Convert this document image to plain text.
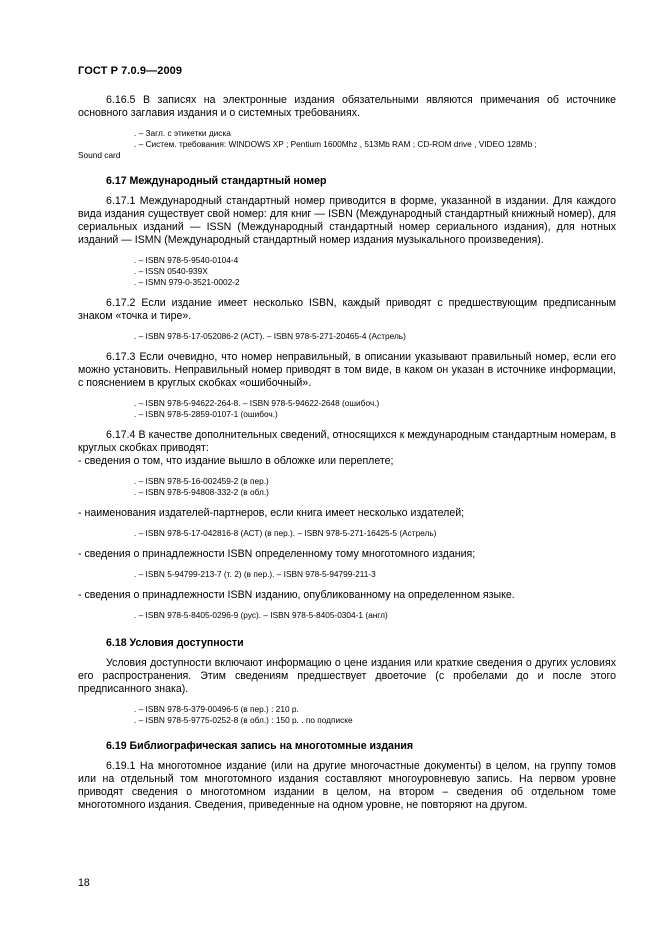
ГОСТ Р 7.0.9—2009

6.16.5 В записях на электронные издания обязательными являются примечания об источнике основного заглавия издания и о системных требованиях.

. – Загл. с этикетки диска
. – Систем. требования: WINDOWS XP ; Pentium 1600Mhz , 513Mb RAM ; CD-ROM drive , VIDEO 128Mb ;
Sound card

6.17 Международный стандартный номер

6.17.1 Международный стандартный номер приводится в форме, указанной в издании. Для каждого вида издания существует свой номер: для книг — ISBN (Международный стандартный книжный номер), для сериальных изданий — ISSN (Международный стандартный номер сериального издания), для нотных изданий — ISMN (Международный стандартный номер издания музыкального произведения).

. – ISBN 978-5-9540-0104-4
. – ISSN 0540-939X
. – ISMN 979-0-3521-0002-2

6.17.2 Если издание имеет несколько ISBN, каждый приводят с предшествующим предписанным знаком «точка и тире».

. – ISBN 978-5-17-052086-2 (АСТ). – ISBN 978-5-271-20465-4 (Астрель)

6.17.3 Если очевидно, что номер неправильный, в описании указывают правильный номер, если его можно установить. Неправильный номер приводят в том виде, в каком он указан в источнике информации, с пояснением в круглых скобках «ошибочный».

. – ISBN 978-5-94622-264-8. – ISBN 978-5-94622-2648 (ошибоч.)
. – ISBN 978-5-2859-0107-1 (ошибоч.)

6.17.4 В качестве дополнительных сведений, относящихся к международным стандартным номерам, в круглых скобках приводят:

- сведения о том, что издание вышло в обложке или переплете;

. – ISBN 978-5-16-002459-2 (в пер.)
. – ISBN 978-5-94808-332-2 (в обл.)

- наименования издателей-партнеров, если книга имеет несколько издателей;

. – ISBN 978-5-17-042816-8 (АСТ) (в пер.). – ISBN 978-5-271-16425-5 (Астрель)

- сведения о принадлежности ISBN определенному тому многотомного издания;

. – ISBN 5-94799-213-7 (т. 2) (в пер.). – ISBN 978-5-94799-211-3

- сведения о принадлежности ISBN изданию, опубликованному на определенном языке.

. – ISBN 978-5-8405-0296-9 (рус). – ISBN 978-5-8405-0304-1 (англ)

6.18 Условия доступности

Условия доступности включают информацию о цене издания или краткие сведения о других условиях его распространения. Этим сведениям предшествует двоеточие (с пробелами до и после этого предписанного знака).

. – ISBN 978-5-379-00496-5 (в пер.) : 210 р.
. – ISBN 978-5-9775-0252-8 (в обл.) : 150 р. . по подписке

6.19 Библиографическая запись на многотомные издания

6.19.1 На многотомное издание (или на другие многочастные документы) в целом, на группу томов или на отдельный том многотомного издания составляют многоуровневую запись. На первом уровне приводят сведения о многотомном издании в целом, на втором – сведения об отдельном томе многотомного издания. Сведения, приведенные на одном уровне, не повторяют на другом.

18
